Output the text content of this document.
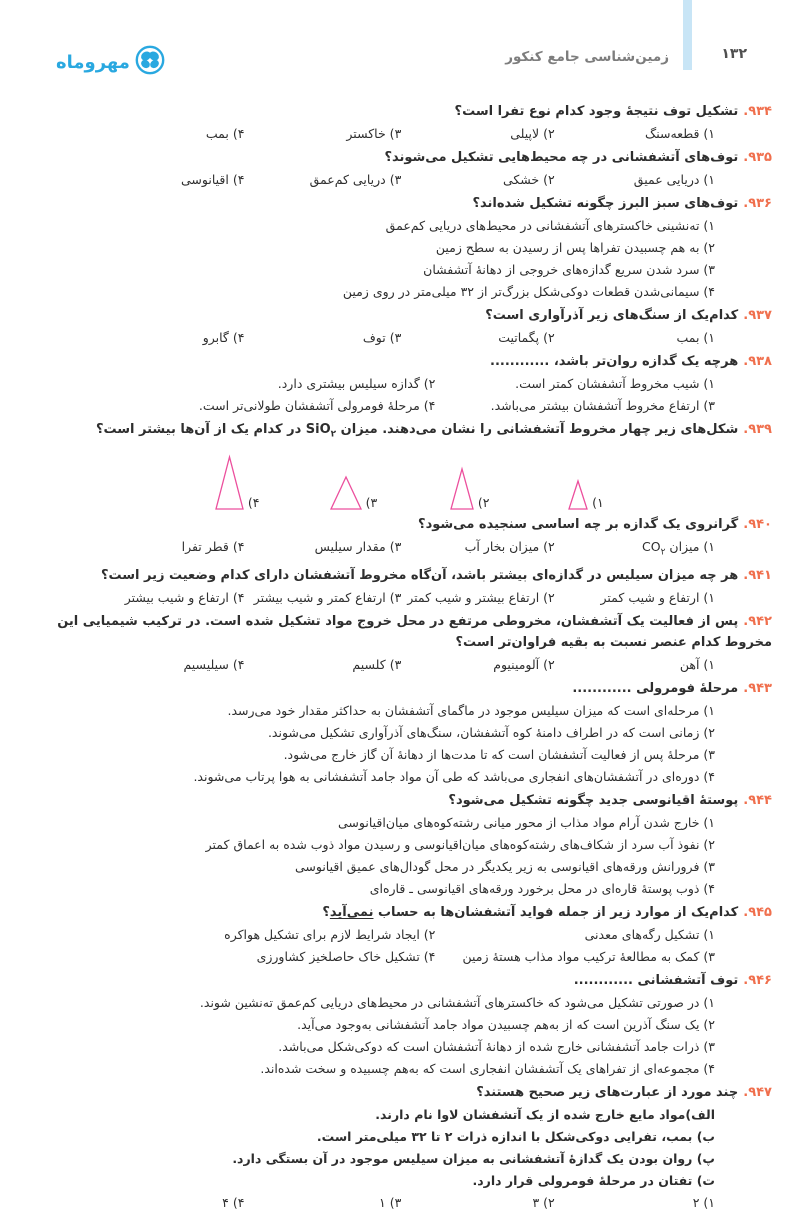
۱۳۲
زمین‌شناسی جامع کنکور
مهروماه
۹۳۴.تشکیل توف نتیجهٔ وجود کدام نوع تفرا است؟
۱) قطعه‌سنگ
۲) لاپیلی
۳) خاکستر
۴) بمب
۹۳۵.توف‌های آتشفشانی در چه محیط‌هایی تشکیل می‌شوند؟
۱) دریایی عمیق
۲) خشکی
۳) دریایی کم‌عمق
۴) اقیانوسی
۹۳۶.توف‌های سبز البرز چگونه تشکیل شده‌اند؟
۱) ته‌نشینی خاکسترهای آتشفشانی در محیط‌های دریایی کم‌عمق
۲) به هم چسبیدن تفراها پس از رسیدن به سطح زمین
۳) سرد شدن سریع گدازه‌های خروجی از دهانهٔ آتشفشان
۴) سیمانی‌شدن قطعات دوکی‌شکل بزرگ‌تر از ۳۲ میلی‌متر در روی زمین
۹۳۷.کدام‌یک از سنگ‌های زیر آذرآواری است؟
۱) بمب
۲) پگماتیت
۳) توف
۴) گابرو
۹۳۸.هرچه یک گدازه روان‌تر باشد، ............
۱) شیب مخروط آتشفشان کمتر است.
۲) گدازه سیلیس بیشتری دارد.
۳) ارتفاع مخروط آتشفشان بیشتر می‌باشد.
۴) مرحلهٔ فومرولی آتشفشان طولانی‌تر است.
۹۳۹.شکل‌های زیر چهار مخروط آتشفشانی را نشان می‌دهند. میزان SiO$_۲$ در کدام یک از آن‌ها بیشتر است؟
۱)
۲)
۳)
۴)
۹۴۰.گرانروی یک گدازه بر چه اساسی سنجیده می‌شود؟
۱) میزان $CO_۲$
۲) میزان بخار آب
۳) مقدار سیلیس
۴) قطر تفرا
۹۴۱.هر چه میزان سیلیس در گدازه‌ای بیشتر باشد، آن‌گاه مخروط آتشفشان دارای کدام وضعیت زیر است؟
۱) ارتفاع و شیب کمتر
۲) ارتفاع بیشتر و شیب کمتر
۳) ارتفاع کمتر و شیب بیشتر
۴) ارتفاع و شیب بیشتر
۹۴۲.پس از فعالیت یک آتشفشان، مخروطی مرتفع در محل خروج مواد تشکیل شده است. در ترکیب شیمیایی این مخروط کدام عنصر نسبت به بقیه فراوان‌تر است؟
۱) آهن
۲) آلومینیوم
۳) کلسیم
۴) سیلیسیم
۹۴۳.مرحلهٔ فومرولی ............
۱) مرحله‌ای است که میزان سیلیس موجود در ماگمای آتشفشان به حداکثر مقدار خود می‌رسد.
۲) زمانی است که در اطراف دامنهٔ کوه آتشفشان، سنگ‌های آذرآواری تشکیل می‌شوند.
۳) مرحلهٔ پس از فعالیت آتشفشان است که تا مدت‌ها از دهانهٔ آن گاز خارج می‌شود.
۴) دوره‌ای در آتشفشان‌های انفجاری می‌باشد که طی آن مواد جامد آتشفشانی به هوا پرتاب می‌شوند.
۹۴۴.پوستهٔ اقیانوسی جدید چگونه تشکیل می‌شود؟
۱) خارج شدن آرام مواد مذاب از محور میانی رشته‌کوه‌های میان‌اقیانوسی
۲) نفوذ آب سرد از شکاف‌های رشته‌کوه‌های میان‌اقیانوسی و رسیدن مواد ذوب شده به اعماق کمتر
۳) فرورانش ورقه‌های اقیانوسی به زیر یکدیگر در محل گودال‌های عمیق اقیانوسی
۴) ذوب پوستهٔ قاره‌ای در محل برخورد ورقه‌های اقیانوسی ـ قاره‌ای
۹۴۵.کدام‌یک از موارد زیر از جمله فواید آتشفشان‌ها به حساب نمی‌آید؟
۱) تشکیل رگه‌های معدنی
۲) ایجاد شرایط لازم برای تشکیل هواکره
۳) کمک به مطالعهٔ ترکیب مواد مذاب هستهٔ زمین
۴) تشکیل خاک حاصلخیز کشاورزی
۹۴۶.توف آتشفشانی ............
۱) در صورتی تشکیل می‌شود که خاکسترهای آتشفشانی در محیط‌های دریایی کم‌عمق ته‌نشین شوند.
۲) یک سنگ آذرین است که از به‌هم چسبیدن مواد جامد آتشفشانی به‌وجود می‌آید.
۳) ذرات جامد آتشفشانی خارج شده از دهانهٔ آتشفشان است که دوکی‌شکل می‌باشد.
۴) مجموعه‌ای از تفراهای یک آتشفشان انفجاری است که به‌هم چسبیده و سخت شده‌اند.
۹۴۷.چند مورد از عبارت‌های زیر صحیح هستند؟
الف)مواد مایع خارج شده از یک آتشفشان لاوا نام دارند.
ب) بمب، تفرایی دوکی‌شکل با اندازه ذرات ۲ تا ۳۲ میلی‌متر است.
پ) روان بودن یک گدازهٔ آتشفشانی به میزان سیلیس موجود در آن بستگی دارد.
ت) تفتان در مرحلهٔ فومرولی قرار دارد.
۱) ۲
۲) ۳
۳) ۱
۴) ۴
